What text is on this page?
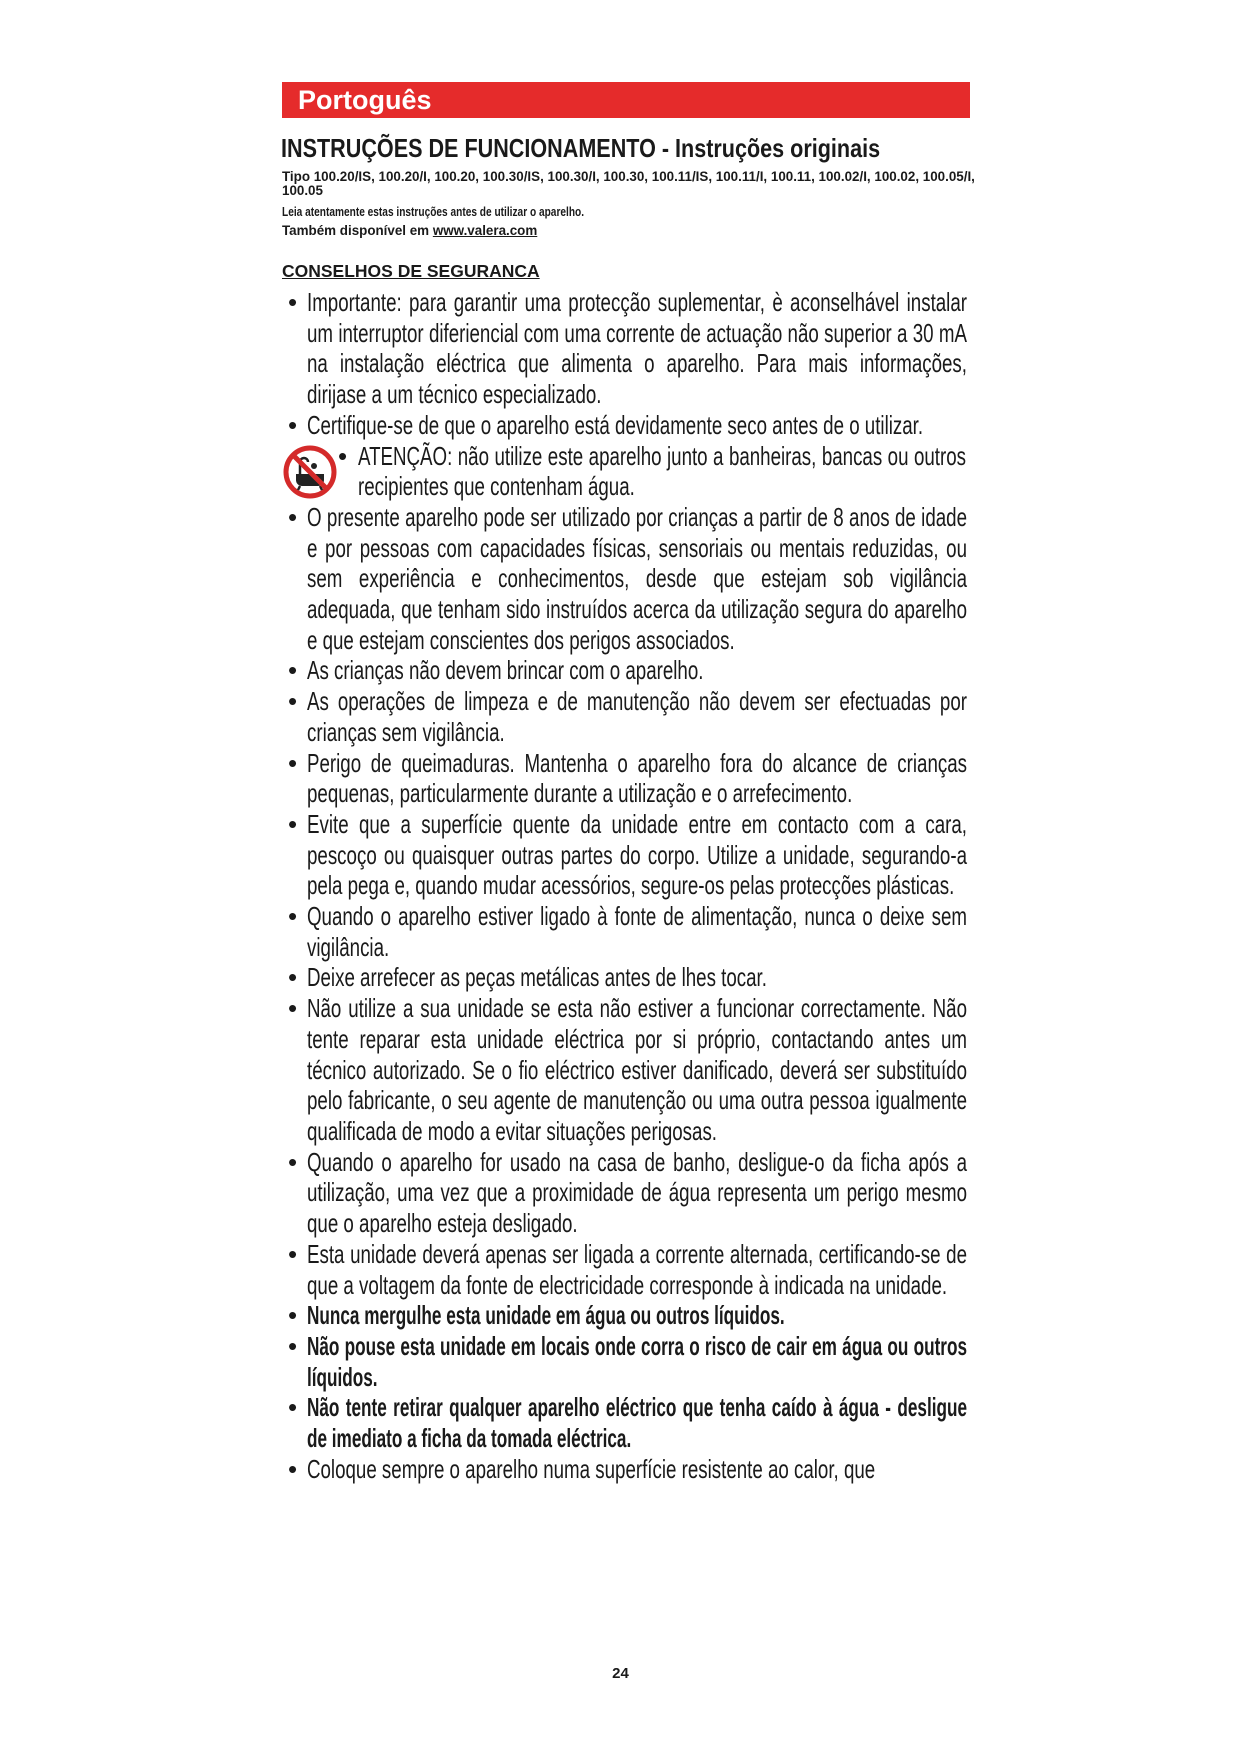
Portoguês
INSTRUÇÕES DE FUNCIONAMENTO - Instruções originais
Tipo 100.20/IS, 100.20/I, 100.20, 100.30/IS, 100.30/I, 100.30, 100.11/IS, 100.11/I, 100.11, 100.02/I, 100.02, 100.05/I, 100.05
Leia atentamente estas instruções antes de utilizar o aparelho.
Também disponível em www.valera.com
CONSELHOS DE SEGURANCA
• Importante: para garantir uma protecção suplementar, è aconselhável instalar um interruptor diferiencial com uma corrente de actuação não superior a 30 mA na instalação eléctrica que alimenta o aparelho. Para mais informações, dirijase a um técnico especializado.
• Certifique-se de que o aparelho está devidamente seco antes de o utilizar.
• ATENÇÃO: não utilize este aparelho junto a banheiras, bancas ou outros recipientes que contenham água.
• O presente aparelho pode ser utilizado por crianças a partir de 8 anos de idade e por pessoas com capacidades físicas, sensoriais ou mentais reduzidas, ou sem experiência e conhecimentos, desde que estejam sob vigilância adequada, que tenham sido instruídos acerca da utilização segura do aparelho e que estejam conscientes dos perigos associados.
• As crianças não devem brincar com o aparelho.
• As operações de limpeza e de manutenção não devem ser efectuadas por crianças sem vigilância.
• Perigo de queimaduras. Mantenha o aparelho fora do alcance de crianças pequenas, particularmente durante a utilização e o arrefecimento.
• Evite que a superfície quente da unidade entre em contacto com a cara, pescoço ou quaisquer outras partes do corpo. Utilize a unidade, segurando-a pela pega e, quando mudar acessórios, segure-os pelas protecções plásticas.
• Quando o aparelho estiver ligado à fonte de alimentação, nunca o deixe sem vigilância.
• Deixe arrefecer as peças metálicas antes de lhes tocar.
• Não utilize a sua unidade se esta não estiver a funcionar correctamente. Não tente reparar esta unidade eléctrica por si próprio, contactando antes um técnico autorizado. Se o fio eléctrico estiver danificado, deverá ser substituído pelo fabricante, o seu agente de manutenção ou uma outra pessoa igualmente qualificada de modo a evitar situações perigosas.
• Quando o aparelho for usado na casa de banho, desligue-o da ficha após a utilização, uma vez que a proximidade de água representa um perigo mesmo que o aparelho esteja desligado.
• Esta unidade deverá apenas ser ligada a corrente alternada, certificando-se de que a voltagem da fonte de electricidade corresponde à indicada na unidade.
• Nunca mergulhe esta unidade em água ou outros líquidos.
• Não pouse esta unidade em locais onde corra o risco de cair em água ou outros líquidos.
• Não tente retirar qualquer aparelho eléctrico que tenha caído à água - desligue de imediato a ficha da tomada eléctrica.
• Coloque sempre o aparelho numa superfície resistente ao calor, que
24
